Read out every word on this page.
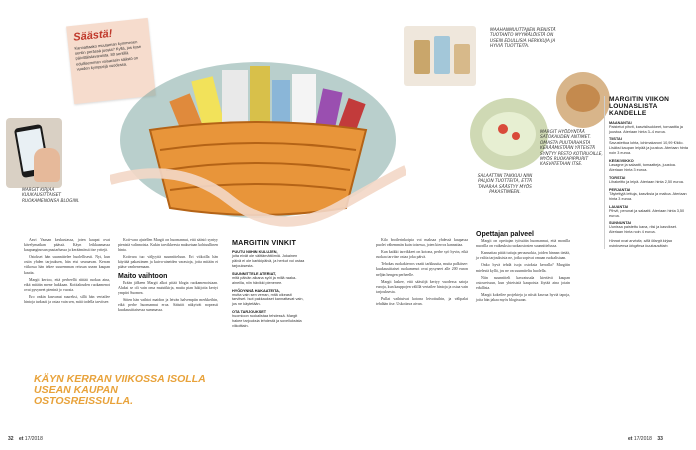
Säästä!
Kannattaako muutaman kymmenen sentin perässä juosta? Kyllä, jos kyse päivittäistavaroista. 80 sentillä edullisemman voisarasin säästö on vuoden kymppejä vuodessa.
MARGIT KIRJAA KUUKAUSITTAISET RUOKAMENONSA BLOGIIN.

Aavi Vaasan keskustassa, joten kaupat ovat kävelymatkan päässä. Käyn leikkaamassa kaupunginosan puutarhassa ja keräämässä itse yrttejä.

Ostokset hän suunnittelee huolellisesti. Nyt, kun ostin yhden tarjouksen, hän etsi seuraavan. Kerran viikossa hän tekee suuremman reissun usean kaupan kautta.

Margit kertoo, että perheellä riittää ruokaa aina, eikä mitään mene hukkaan. Kotitalouden ruokamenot ovat pysyneet pieninä jo vuosia.

Ero onkin kasvanut suureksi, sillä hän vertailee hintoja tarkasti ja ostaa vain sen, mitä todella tarvitsee.

Koti-vara ajatellen Margit on huomannut, että säästö syntyy pienistä valinnoista. Kukin tarvikkeesta maksetaan kohtuullinen hinta.

Kotivara tuo väljyyttä suunnitteluun. Eri viikoilla hän käyttää pakastimen ja kuiva-aineiden varastoja, jotta mitään ei pääse vanhenemaan.

Maito vaihtoon

Erään jälkeen Margit alkoi pitää blogia ruokamenoistaan. Aluksi se oli vain oma muistikirja, mutta pian lukijoita kertyi ympäri Suomea.

Sitten hän vaihtoi maidon ja leivän halvempiin merkkeihin, eikä perhe huomannut eroa. Säästöt näkyivät nopeasti kuukausittaisessa summassa.

KÄYN KERRAN VIIKOSSA ISOLLA USEAN KAUPAN OSTOSREISSULLA.
MARGITIN VINKIT
PUUTU NIIHIN KULUJEN,
joita eivät ole välttämättömiä. Jokainen päivä ei ole karkkipäivä, ja herkut voi ostaa tarjouksesta.
SUUNNITTELE ATERIAT,
mitä päivän aikana syöt ja millä raaka-aineilla, niin hävikki pienenee.
HYÖDYNNÄ HAKAATEITA,
mutta vain sen verran, mitä oikeasti tarvitset. Isot pakkaukset kannattavat vain, jos ne käytetään.
OTA TARJOUKSET
huomioon ruokalistaa tehdessä. Margit hakee tarjouksia lehdestä ja sovelluksista viikoittain.
32 et 17/2018
MAAHANMUUTTAJIEN PIENISTÄ TUOTANTO MYYMÄLÖISTÄ ON USEIN EDULLISIA HERKKUJA JA HYVIÄ TUOTTEITA.
MARGIT HYÖDYNTÄÄ SATOKAUDEN ANTIMET. OMASTA PUUTARHASTA KERÄÄMISTÄÄN YRTEISTÄ SYNTYY PESTO KOTIRUOILLE, MYÖS RUOKAPIPPURIT KASVATETAAN ITSE.
SALAATTIIN TAIKKUU NIIN PALJON TUOTTEITA, ETTÄ TAVARAA SÄÄSTYY MYÖS PAKASTIMEEN.

Kilo broilerinkoipia voi maksaa yhdessä kaupassa puolet vähemmän kuin toisessa, joten kierros kannattaa.

Kun kaikki tarvikkeet on kotona, perhe syö hyvin, eikä ruokaa tarvitse ostaa joka päivä.

Tehokas ruokakierros vaatii tarkkuutta, mutta palkitsee: kuukausittaiset ruokamenot ovat pysyneet alle 200 euron neljän hengen perheelle.

Margit laskee, että säästöjä kertyy vuodessa satoja euroja, kun kauppojen välillä vertailee hintoja ja ostaa vain tarjouksesta.

Pullat vaihtuivat kotona leivottuihin, ja välipalat tehdään itse. Uskottava aivan.

Opettajan palveel

Margit on opettajan työssään huomannut, että monilla nuorilla on vaikeuksia ruokaostosten suunnittelussa.

Kannattaa pitää tuttuja perusruokia, joiden hinnan tietää, ja valita tarjouksista ne, jotka sopivat omaan ruokalistaan.

Onko hyvä tehdä isoja ostoksia kerralla? Margitin mielestä kyllä, jos ne on suunniteltu huolella.

Niin suunnitteli kasvatusala kiertävä kaupan ostosreissun, kun yhteisistä kaupoista löytää aina jotain edullista.

Margit kokeilee projekteja ja niistä kasvaa hyviä tapoja, joita hän jakaa myös blogissaan.

MARGITIN VIIKON LOUNASLISTA KANDELLE
MAANANTAI
Paistetut pihvit, kasvislisukkeet, tomaattia ja juustoa. Ateriaan hinta 3–4 euroa.
TIISTAI
Savustettua lohta, lohimakaroni 10,99 €/kilo. Lisäksi kaupan leipää ja juustoa. Ateriaan hinta noin 3 euroa.
KESKIVIIKKO
Lasagne ja salaatti, tomaatteja, juustoa. Ateriaan hinta 3 euroa.
TORSTAI
Lihakeitto ja leipä. Ateriaan hinta 2,50 euroa.
PERJANTAI
Täytettyjä lettuja, kasviksia ja maitoa. Ateriaan hinta 3 euroa.
LAUANTAI
Pihvit, perunat ja salaatti. Ateriaan hinta 3,50 euroa.
SUNNUNTAI
Uunissa paistettu kana, riisi ja kasvikset. Ateriaan hinta noin 4 euroa.
Hinnat ovat arvioita, sillä Margit kirjaa ostoksensa blogiinsa kuukausittain.
et 17/2018 33
